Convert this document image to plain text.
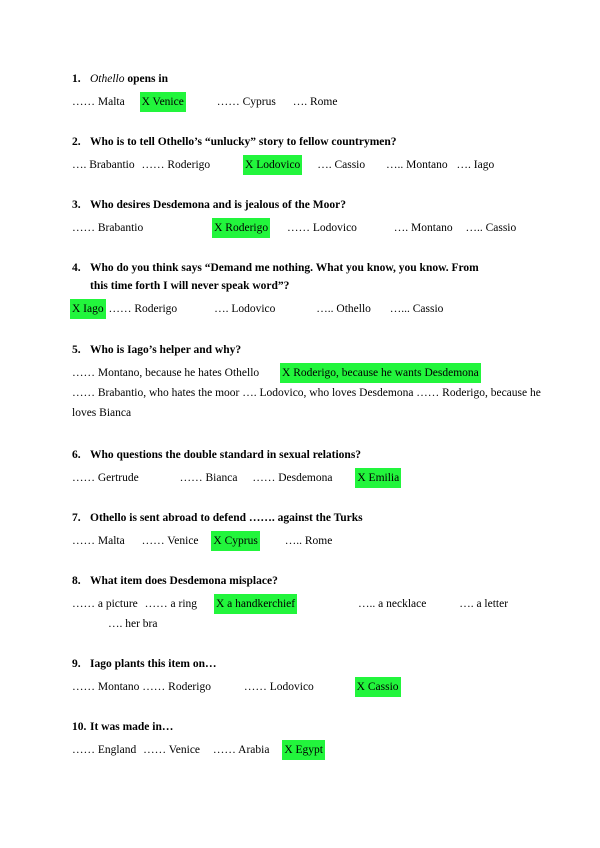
1. Othello opens in
…… Malta X Venice	…… Cyprus …. Rome
2. Who is to tell Othello’s “unlucky” story to fellow countrymen?
…. Brabantio …… Roderigo	X Lodovico …. Cassio ….. Montano …. Iago
3. Who desires Desdemona and is jealous of the Moor?
…… Brabantio	X Roderigo …… Lodovico	…. Montano ….. Cassio
4. Who do you think says “Demand me nothing. What you know, you know. From
this time forth I will never speak word”?
X Iago …… Roderigo	…. Lodovico	….. Othello …... Cassio
5. Who is Iago’s helper and why?
…… Montano, because he hates Othello X Roderigo, because he wants Desdemona
…… Brabantio, who hates the moor …. Lodovico, who loves Desdemona …… Roderigo, because he loves Bianca
6. Who questions the double standard in sexual relations?
…… Gertrude	…… Bianca …… Desdemona X Emilia
7. Othello is sent abroad to defend ……. against the Turks
…… Malta …… Venice X Cyprus ….. Rome
8. What item does Desdemona misplace?
…… a picture …… a ring X a handkerchief	….. a necklace	…. a letter
…. her bra
9. Iago plants this item on…
…… Montano …… Roderigo	…… Lodovico	X Cassio
10. It was made in…
…… England …… Venice …… Arabia X Egypt
